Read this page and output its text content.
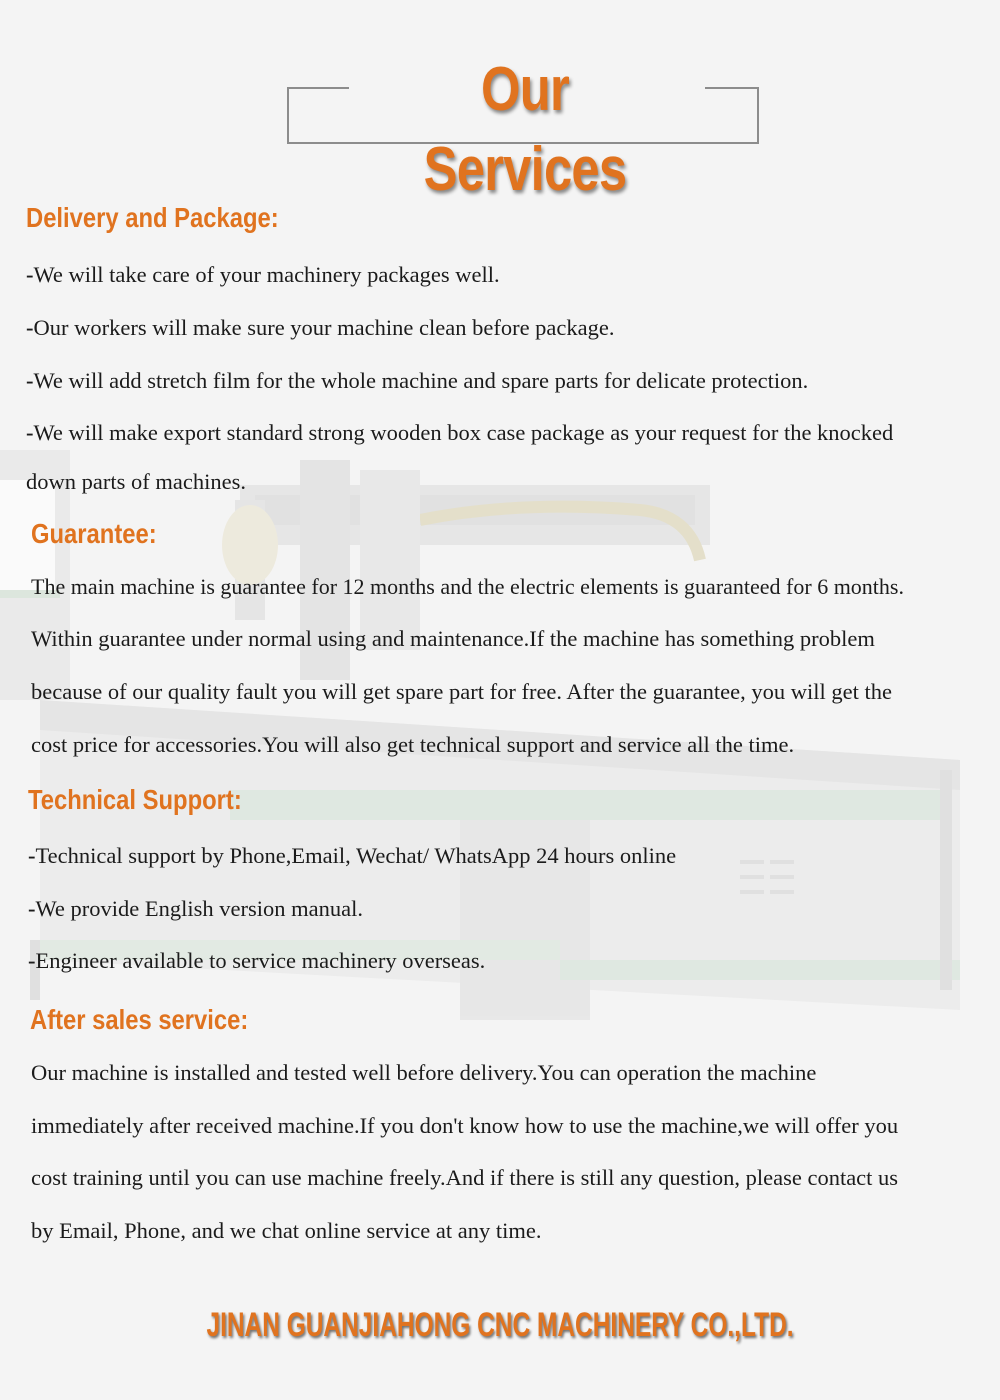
Our Services
Delivery and Package:
-We will take care of your machinery packages well.
-Our workers will make sure your machine clean before package.
-We will add stretch film for the whole machine and spare parts for delicate protection.
-We will make export standard strong wooden box case package as your request for the knocked
down parts of machines.
Guarantee:
The main machine is guarantee for 12 months and the electric elements is guaranteed for 6 months.
Within guarantee under normal using and maintenance.If the machine has something problem
because of our quality fault you will get spare part for free. After the guarantee, you will get the
cost price for accessories.You will also get technical support and service all the time.
Technical Support:
-Technical support by Phone,Email, Wechat/ WhatsApp 24 hours online
-We provide English version manual.
-Engineer available to service machinery overseas.
After sales service:
Our machine is installed and tested well before delivery.You can operation the machine
immediately after received machine.If you don't know how to use the machine,we will offer you
cost training until you can use machine freely.And if there is still any question, please contact us
by Email, Phone, and we chat online service at any time.
JINAN GUANJIAHONG CNC MACHINERY CO.,LTD.
